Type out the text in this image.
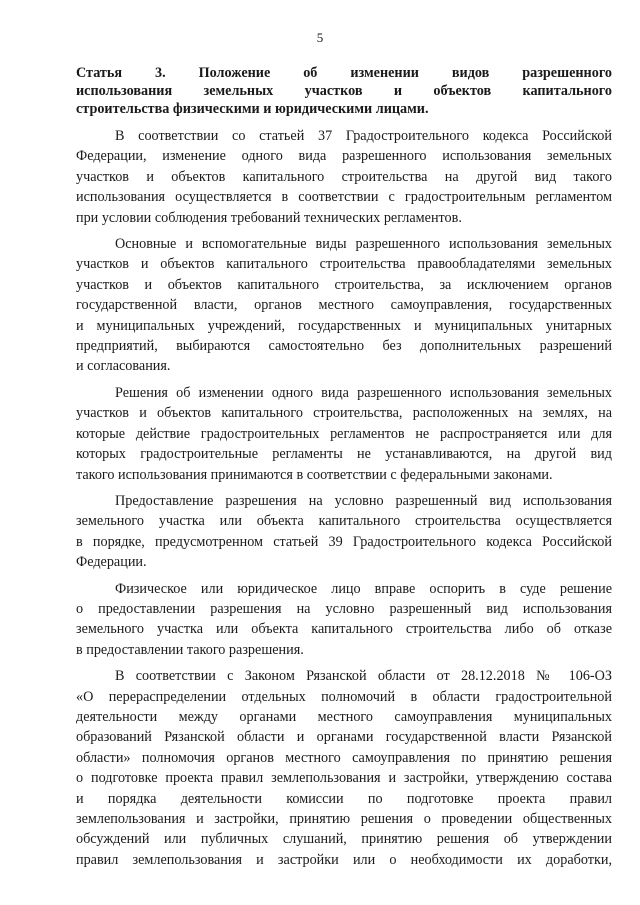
5
Статья 3. Положение об изменении видов разрешенного
использования земельных участков и объектов капитального
строительства физическими и юридическими лицами.
В соответствии со статьей 37 Градостроительного кодекса Российской
Федерации, изменение одного вида разрешенного использования земельных
участков и объектов капитального строительства на другой вид такого
использования осуществляется в соответствии с градостроительным регламентом
при условии соблюдения требований технических регламентов.
Основные и вспомогательные виды разрешенного использования земельных
участков и объектов капитального строительства правообладателями земельных
участков и объектов капитального строительства, за исключением органов
государственной власти, органов местного самоуправления, государственных
и муниципальных учреждений, государственных и муниципальных унитарных
предприятий, выбираются самостоятельно без дополнительных разрешений
и согласования.
Решения об изменении одного вида разрешенного использования земельных
участков и объектов капитального строительства, расположенных на землях, на
которые действие градостроительных регламентов не распространяется или для
которых градостроительные регламенты не устанавливаются, на другой вид
такого использования принимаются в соответствии с федеральными законами.
Предоставление разрешения на условно разрешенный вид использования
земельного участка или объекта капитального строительства осуществляется
в порядке, предусмотренном статьей 39 Градостроительного кодекса Российской
Федерации.
Физическое или юридическое лицо вправе оспорить в суде решение
о предоставлении разрешения на условно разрешенный вид использования
земельного участка или объекта капитального строительства либо об отказе
в предоставлении такого разрешения.
В соответствии с Законом Рязанской области от 28.12.2018 № 106-ОЗ
«О перераспределении отдельных полномочий в области градостроительной
деятельности между органами местного самоуправления муниципальных
образований Рязанской области и органами государственной власти Рязанской
области» полномочия органов местного самоуправления по принятию решения
о подготовке проекта правил землепользования и застройки, утверждению состава
и порядка деятельности комиссии по подготовке проекта правил
землепользования и застройки, принятию решения о проведении общественных
обсуждений или публичных слушаний, принятию решения об утверждении
правил землепользования и застройки или о необходимости их доработки,
